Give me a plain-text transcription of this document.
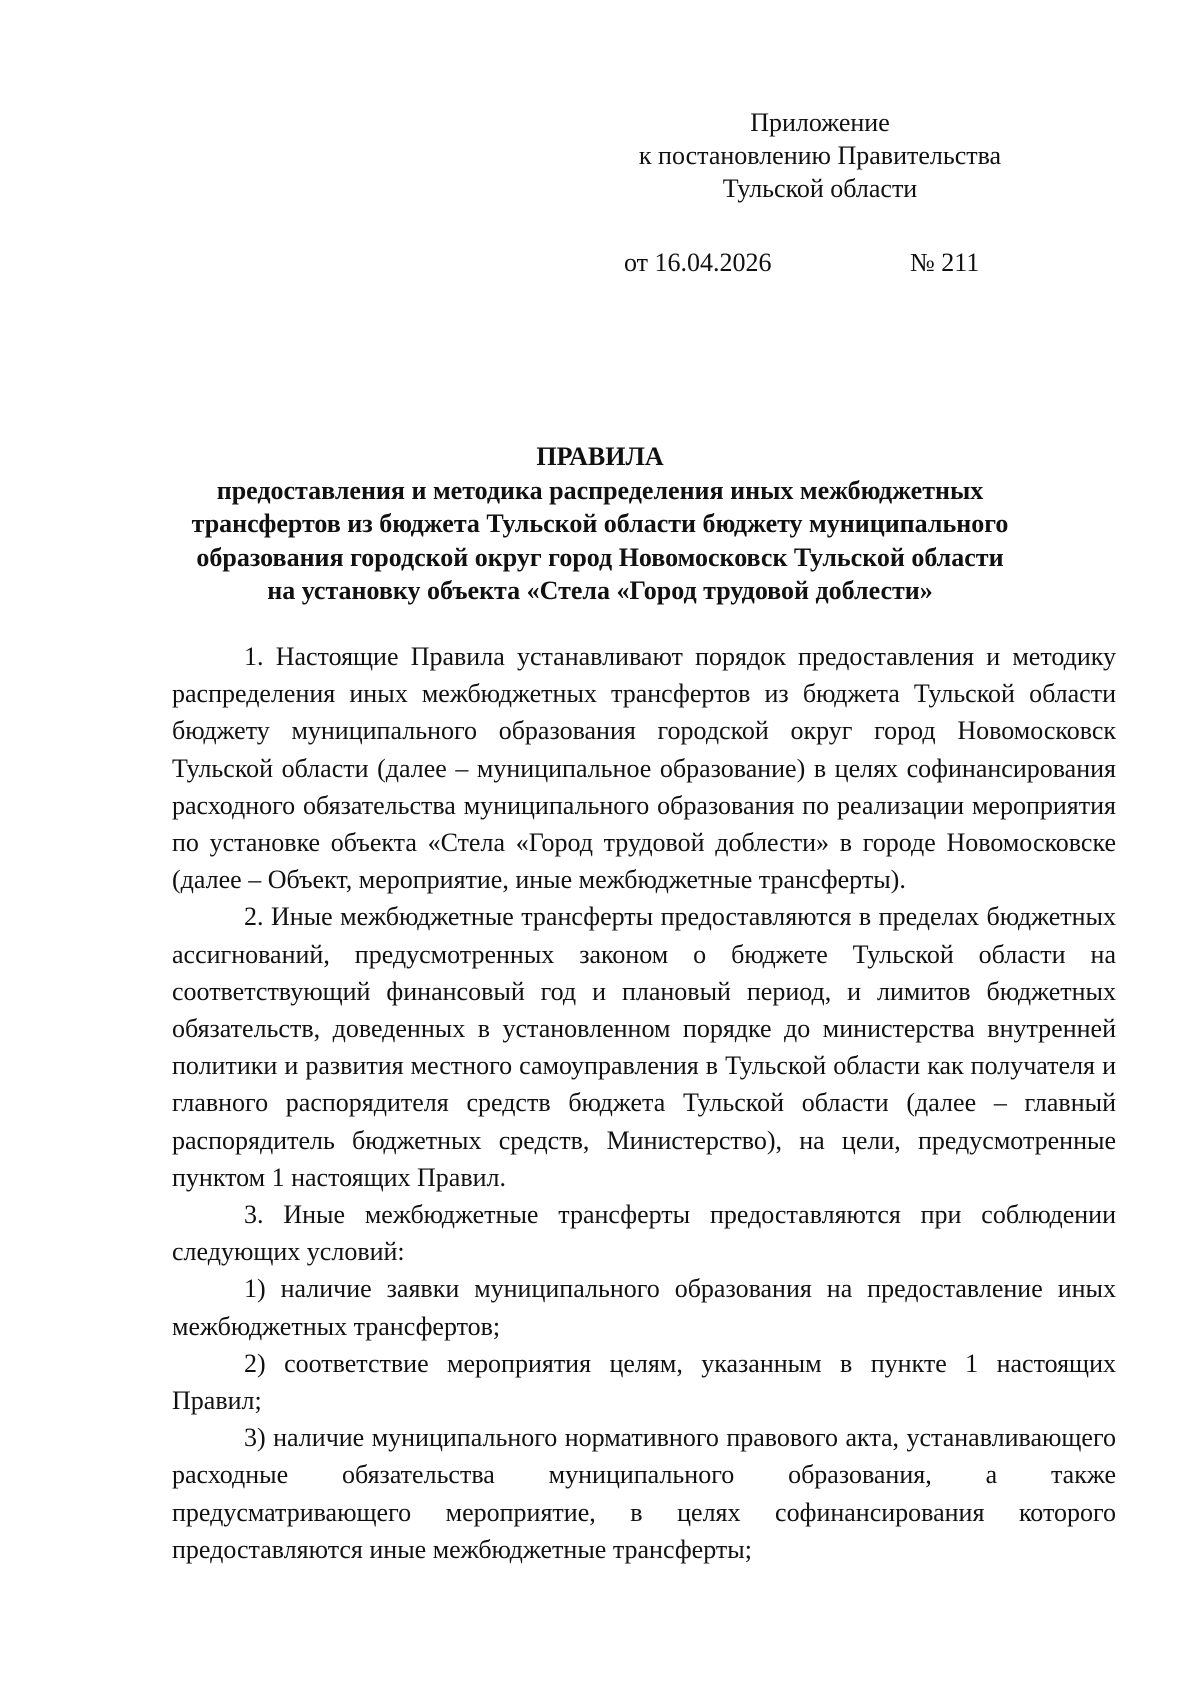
Приложение
к постановлению Правительства
Тульской области
от 16.04.2026	№ 211
ПРАВИЛА
предоставления и методика распределения иных межбюджетных
трансфертов из бюджета Тульской области бюджету муниципального
образования городской округ город Новомосковск Тульской области
на установку объекта «Стела «Город трудовой доблести»

1. Настоящие Правила устанавливают порядок предоставления и методику распределения иных межбюджетных трансфертов из бюджета Тульской области бюджету муниципального образования городской округ город Новомосковск Тульской области (далее – муниципальное образование) в целях софинансирования расходного обязательства муниципального образования по реализации мероприятия по установке объекта «Стела «Город трудовой доблести» в городе Новомосковске (далее – Объект, мероприятие, иные межбюджетные трансферты).

2. Иные межбюджетные трансферты предоставляются в пределах бюджетных ассигнований, предусмотренных законом о бюджете Тульской области на соответствующий финансовый год и плановый период, и лимитов бюджетных обязательств, доведенных в установленном порядке до министерства внутренней политики и развития местного самоуправления в Тульской области как получателя и главного распорядителя средств бюджета Тульской области (далее – главный распорядитель бюджетных средств, Министерство), на цели, предусмотренные пунктом 1 настоящих Правил.

3. Иные межбюджетные трансферты предоставляются при соблюдении следующих условий:

1) наличие заявки муниципального образования на предоставление иных межбюджетных трансфертов;

2) соответствие мероприятия целям, указанным в пункте 1 настоящих Правил;

3) наличие муниципального нормативного правового акта, устанавливающего расходные обязательства муниципального образования, а также предусматривающего мероприятие, в целях софинансирования которого предоставляются иные межбюджетные трансферты;
